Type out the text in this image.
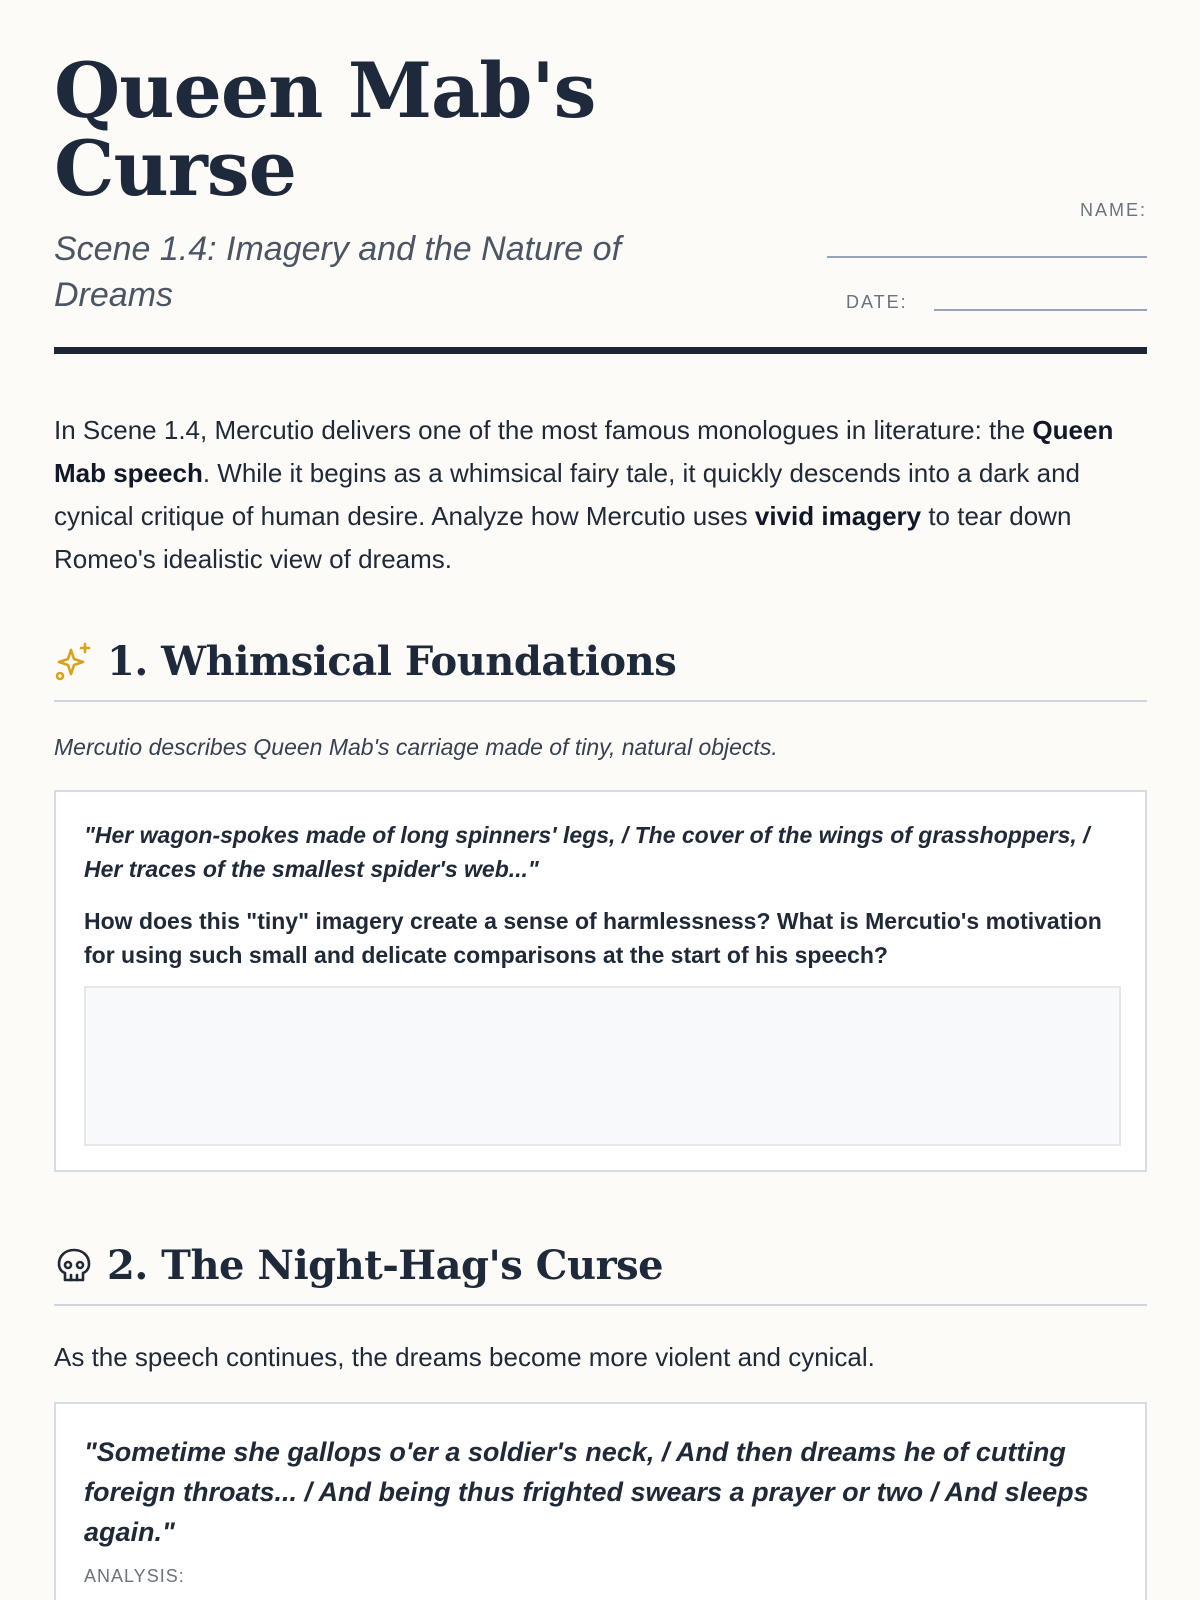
Queen Mab's Curse
Scene 1.4: Imagery and the Nature of Dreams
NAME:
DATE:

In Scene 1.4, Mercutio delivers one of the most famous monologues in literature: the Queen Mab speech. While it begins as a whimsical fairy tale, it quickly descends into a dark and cynical critique of human desire. Analyze how Mercutio uses vivid imagery to tear down Romeo's idealistic view of dreams.

1. Whimsical Foundations
Mercutio describes Queen Mab's carriage made of tiny, natural objects.
"Her wagon-spokes made of long spinners' legs, / The cover of the wings of grasshoppers, / Her traces of the smallest spider's web..."
How does this "tiny" imagery create a sense of harmlessness? What is Mercutio's motivation for using such small and delicate comparisons at the start of his speech?
2. The Night-Hag's Curse
As the speech continues, the dreams become more violent and cynical.
"Sometime she gallops o'er a soldier's neck, / And then dreams he of cutting foreign throats... / And being thus frighted swears a prayer or two / And sleeps again."
ANALYSIS:
